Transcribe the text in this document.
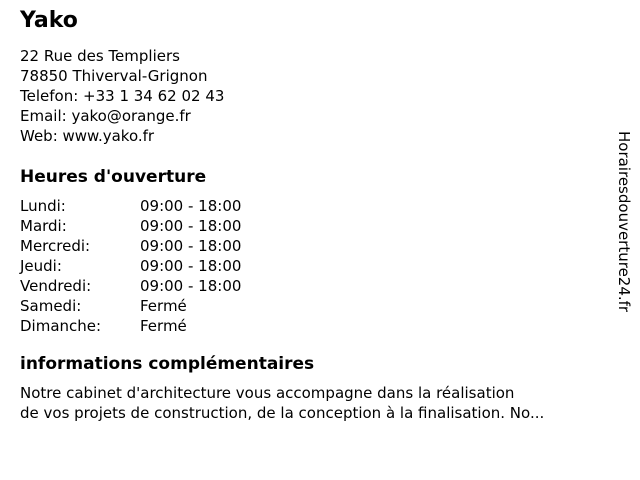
Yako
22 Rue des Templiers
78850 Thiverval-Grignon
Telefon: +33 1 34 62 02 43
Email: yako@orange.fr
Web: www.yako.fr
Heures d'ouverture
Lundi:	09:00 - 18:00
Mardi:	09:00 - 18:00
Mercredi:	09:00 - 18:00
Jeudi:	09:00 - 18:00
Vendredi:	09:00 - 18:00
Samedi:	Fermé
Dimanche:	Fermé
informations complémentaires
Notre cabinet d'architecture vous accompagne dans la réalisation
de vos projets de construction, de la conception à la finalisation. No...
Horairesdouverture24.fr
